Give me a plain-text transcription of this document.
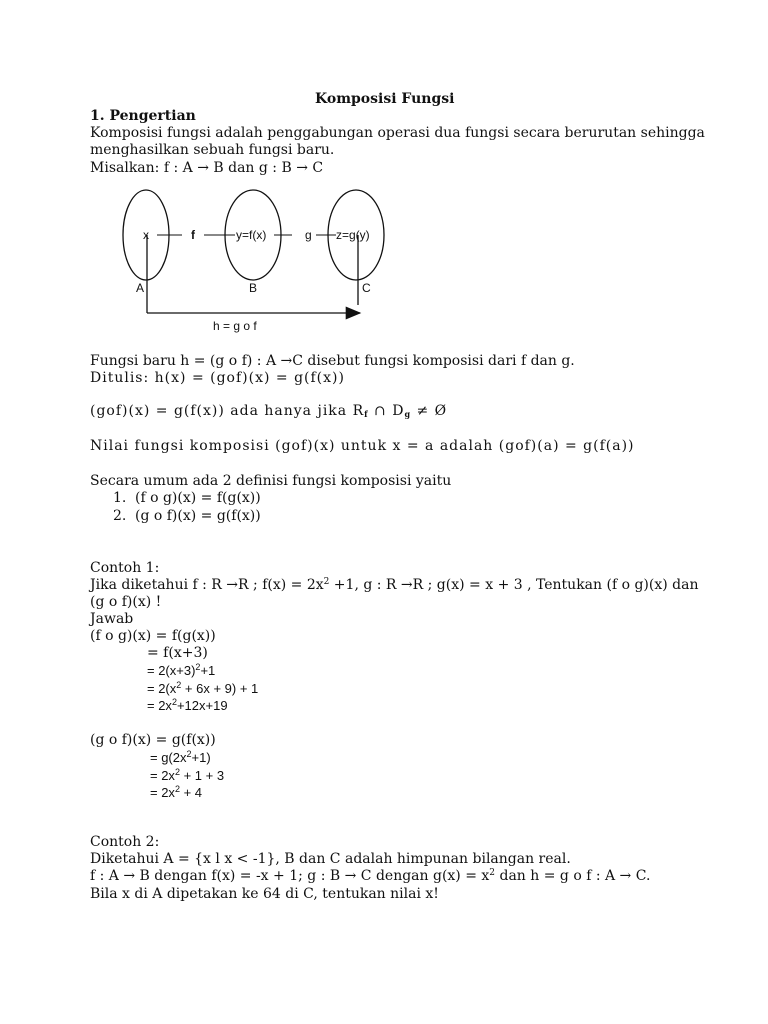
Komposisi Fungsi
1. Pengertian
Komposisi fungsi adalah penggabungan operasi dua fungsi secara berurutan sehingga
menghasilkan sebuah fungsi baru.
Misalkan: f : A → B dan g : B → C
x	f	y=f(x)	g z=g(y)
A	B	C
h = g o f
Fungsi baru h = (g o f) : A →C disebut fungsi komposisi dari f dan g.
Ditulis: h(x) = (gof)(x) = g(f(x))
(gof)(x) = g(f(x)) ada hanya jika $R_f$ ∩ $D_g$ ≠ Ø
Nilai fungsi komposisi (gof)(x) untuk x = a adalah (gof)(a) = g(f(a))
Secara umum ada 2 definisi fungsi komposisi yaitu
1. (f o g)(x) = f(g(x))
2. (g o f)(x) = g(f(x))
Contoh 1:
Jika diketahui f : R →R ; $f(x) = 2x^2 +1$, g : R →R ; g(x) = x + 3 , Tentukan (f o g)(x) dan
(g o f)(x) !
Jawab
(f o g)(x) = f(g(x))
= f(x+3)
= $2(x+3)^2+1$
= $2(x^2 + 6x + 9) + 1$
= $2x^2+12x+19$
(g o f)(x) = g(f(x))
= $g(2x^2+1)$
= $2x^2 + 1 + 3$
= $2x^2 + 4$
Contoh 2:
Diketahui A = {x l x < -1}, B dan C adalah himpunan bilangan real.
f : A → B dengan f(x) = -x + 1; g : B → C dengan $g(x) = x^2$ dan h = g o f : A → C.
Bila x di A dipetakan ke 64 di C, tentukan nilai x!
